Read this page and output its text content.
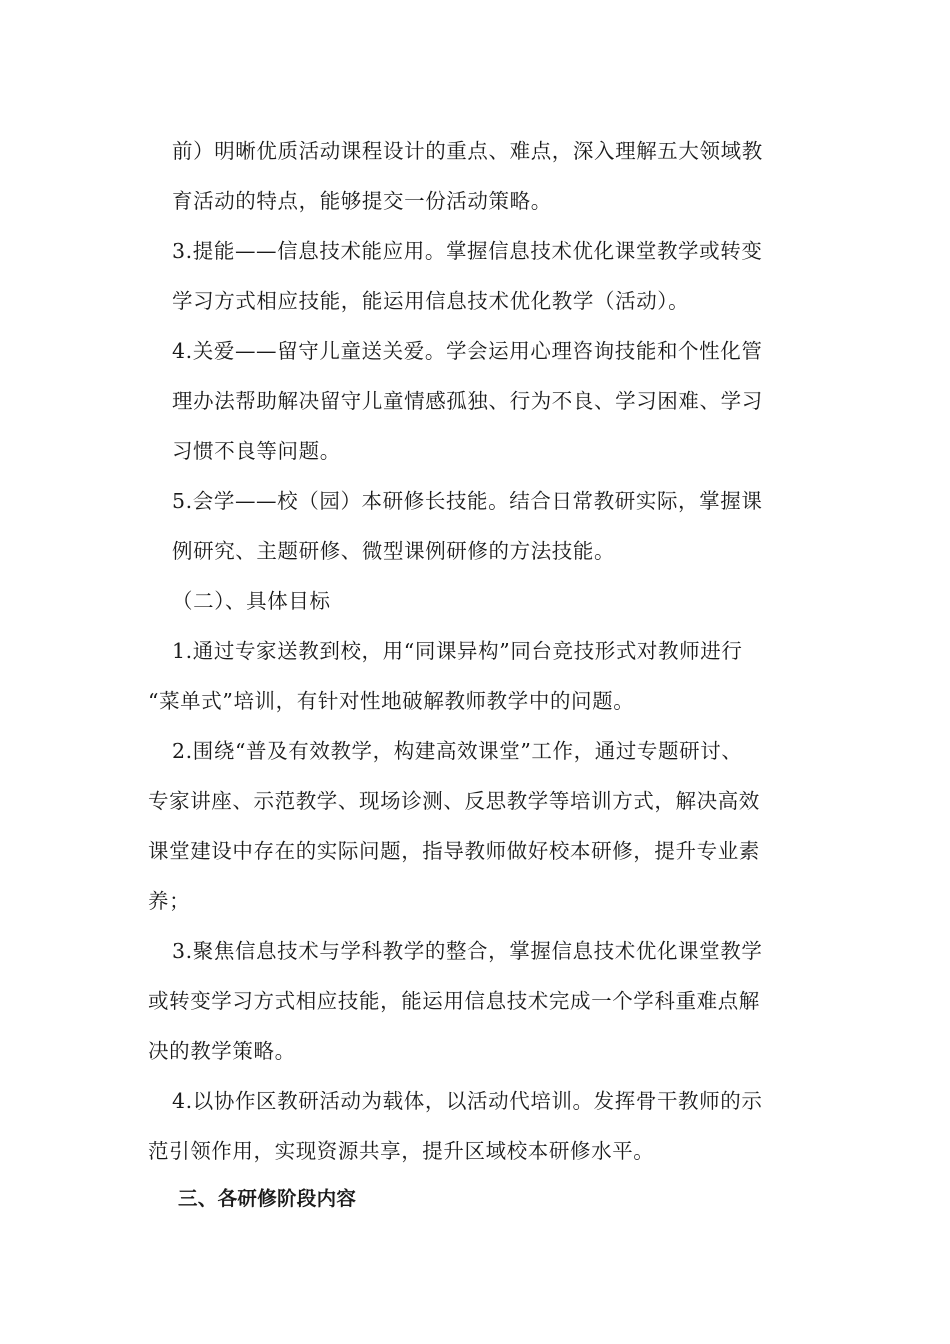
前）明晰优质活动课程设计的重点、难点，深入理解五大领域教
育活动的特点，能够提交一份活动策略。
3.提能——信息技术能应用。掌握信息技术优化课堂教学或转变
学习方式相应技能，能运用信息技术优化教学（活动）。
4.关爱——留守儿童送关爱。学会运用心理咨询技能和个性化管
理办法帮助解决留守儿童情感孤独、行为不良、学习困难、学习
习惯不良等问题。
5.会学——校（园）本研修长技能。结合日常教研实际，掌握课
例研究、主题研修、微型课例研修的方法技能。
（二）、具体目标
1.通过专家送教到校，用“同课异构”同台竞技形式对教师进行
“菜单式”培训，有针对性地破解教师教学中的问题。
2.围绕“普及有效教学，构建高效课堂”工作，通过专题研讨、
专家讲座、示范教学、现场诊测、反思教学等培训方式，解决高效
课堂建设中存在的实际问题，指导教师做好校本研修，提升专业素
养；
3.聚焦信息技术与学科教学的整合，掌握信息技术优化课堂教学
或转变学习方式相应技能，能运用信息技术完成一个学科重难点解
决的教学策略。
4.以协作区教研活动为载体，以活动代培训。发挥骨干教师的示
范引领作用，实现资源共享，提升区域校本研修水平。
三、各研修阶段内容
